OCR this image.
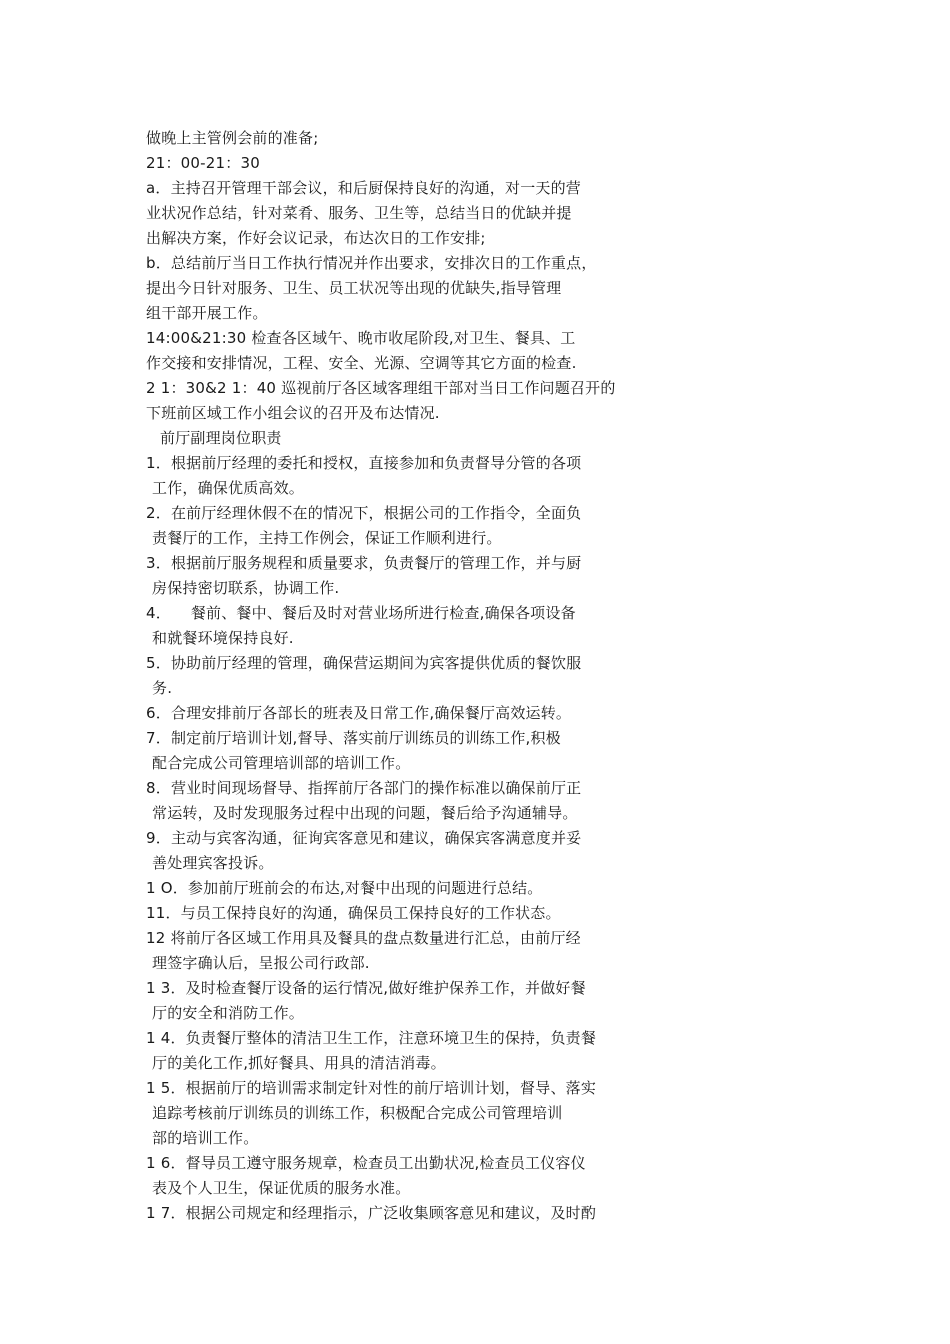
做晚上主管例会前的准备;
21：00-21：30
a．主持召开管理干部会议，和后厨保持良好的沟通，对一天的营
业状况作总结，针对菜肴、服务、卫生等，总结当日的优缺并提
出解决方案，作好会议记录，布达次日的工作安排;
b．总结前厅当日工作执行情况并作出要求，安排次日的工作重点，
提出今日针对服务、卫生、员工状况等出现的优缺失,指导管理
组干部开展工作。
14:00&21:30 检查各区域午、晚市收尾阶段,对卫生、餐具、工
作交接和安排情况，工程、安全、光源、空调等其它方面的检查.
2 1：30&2 1：40 巡视前厅各区域客理组干部对当日工作问题召开的
下班前区域工作小组会议的召开及布达情况.
前厅副理岗位职责
1．根据前厅经理的委托和授权，直接参加和负责督导分管的各项
工作，确保优质高效。
2．在前厅经理休假不在的情况下，根据公司的工作指令，全面负
责餐厅的工作，主持工作例会，保证工作顺利进行。
3．根据前厅服务规程和质量要求，负责餐厅的管理工作，并与厨
房保持密切联系，协调工作.
4．    餐前、餐中、餐后及时对营业场所进行检查,确保各项设备
和就餐环境保持良好.
5．协助前厅经理的管理，确保营运期间为宾客提供优质的餐饮服
务.
6．合理安排前厅各部长的班表及日常工作,确保餐厅高效运转。
7．制定前厅培训计划,督导、落实前厅训练员的训练工作,积极
配合完成公司管理培训部的培训工作。
8．营业时间现场督导、指挥前厅各部门的操作标准以确保前厅正
常运转，及时发现服务过程中出现的问题，餐后给予沟通辅导。
9．主动与宾客沟通，征询宾客意见和建议，确保宾客满意度并妥
善处理宾客投诉。
1 O．参加前厅班前会的布达,对餐中出现的问题进行总结。
11．与员工保持良好的沟通，确保员工保持良好的工作状态。
12 将前厅各区域工作用具及餐具的盘点数量进行汇总，由前厅经
理签字确认后，呈报公司行政部.
1 3．及时检查餐厅设备的运行情况,做好维护保养工作，并做好餐
厅的安全和消防工作。
1 4．负责餐厅整体的清洁卫生工作，注意环境卫生的保持，负责餐
厅的美化工作,抓好餐具、用具的清洁消毒。
1 5．根据前厅的培训需求制定针对性的前厅培训计划，督导、落实
追踪考核前厅训练员的训练工作，积极配合完成公司管理培训
部的培训工作。
1 6．督导员工遵守服务规章，检查员工出勤状况,检查员工仪容仪
表及个人卫生，保证优质的服务水准。
1 7．根据公司规定和经理指示，广泛收集顾客意见和建议，及时酌
